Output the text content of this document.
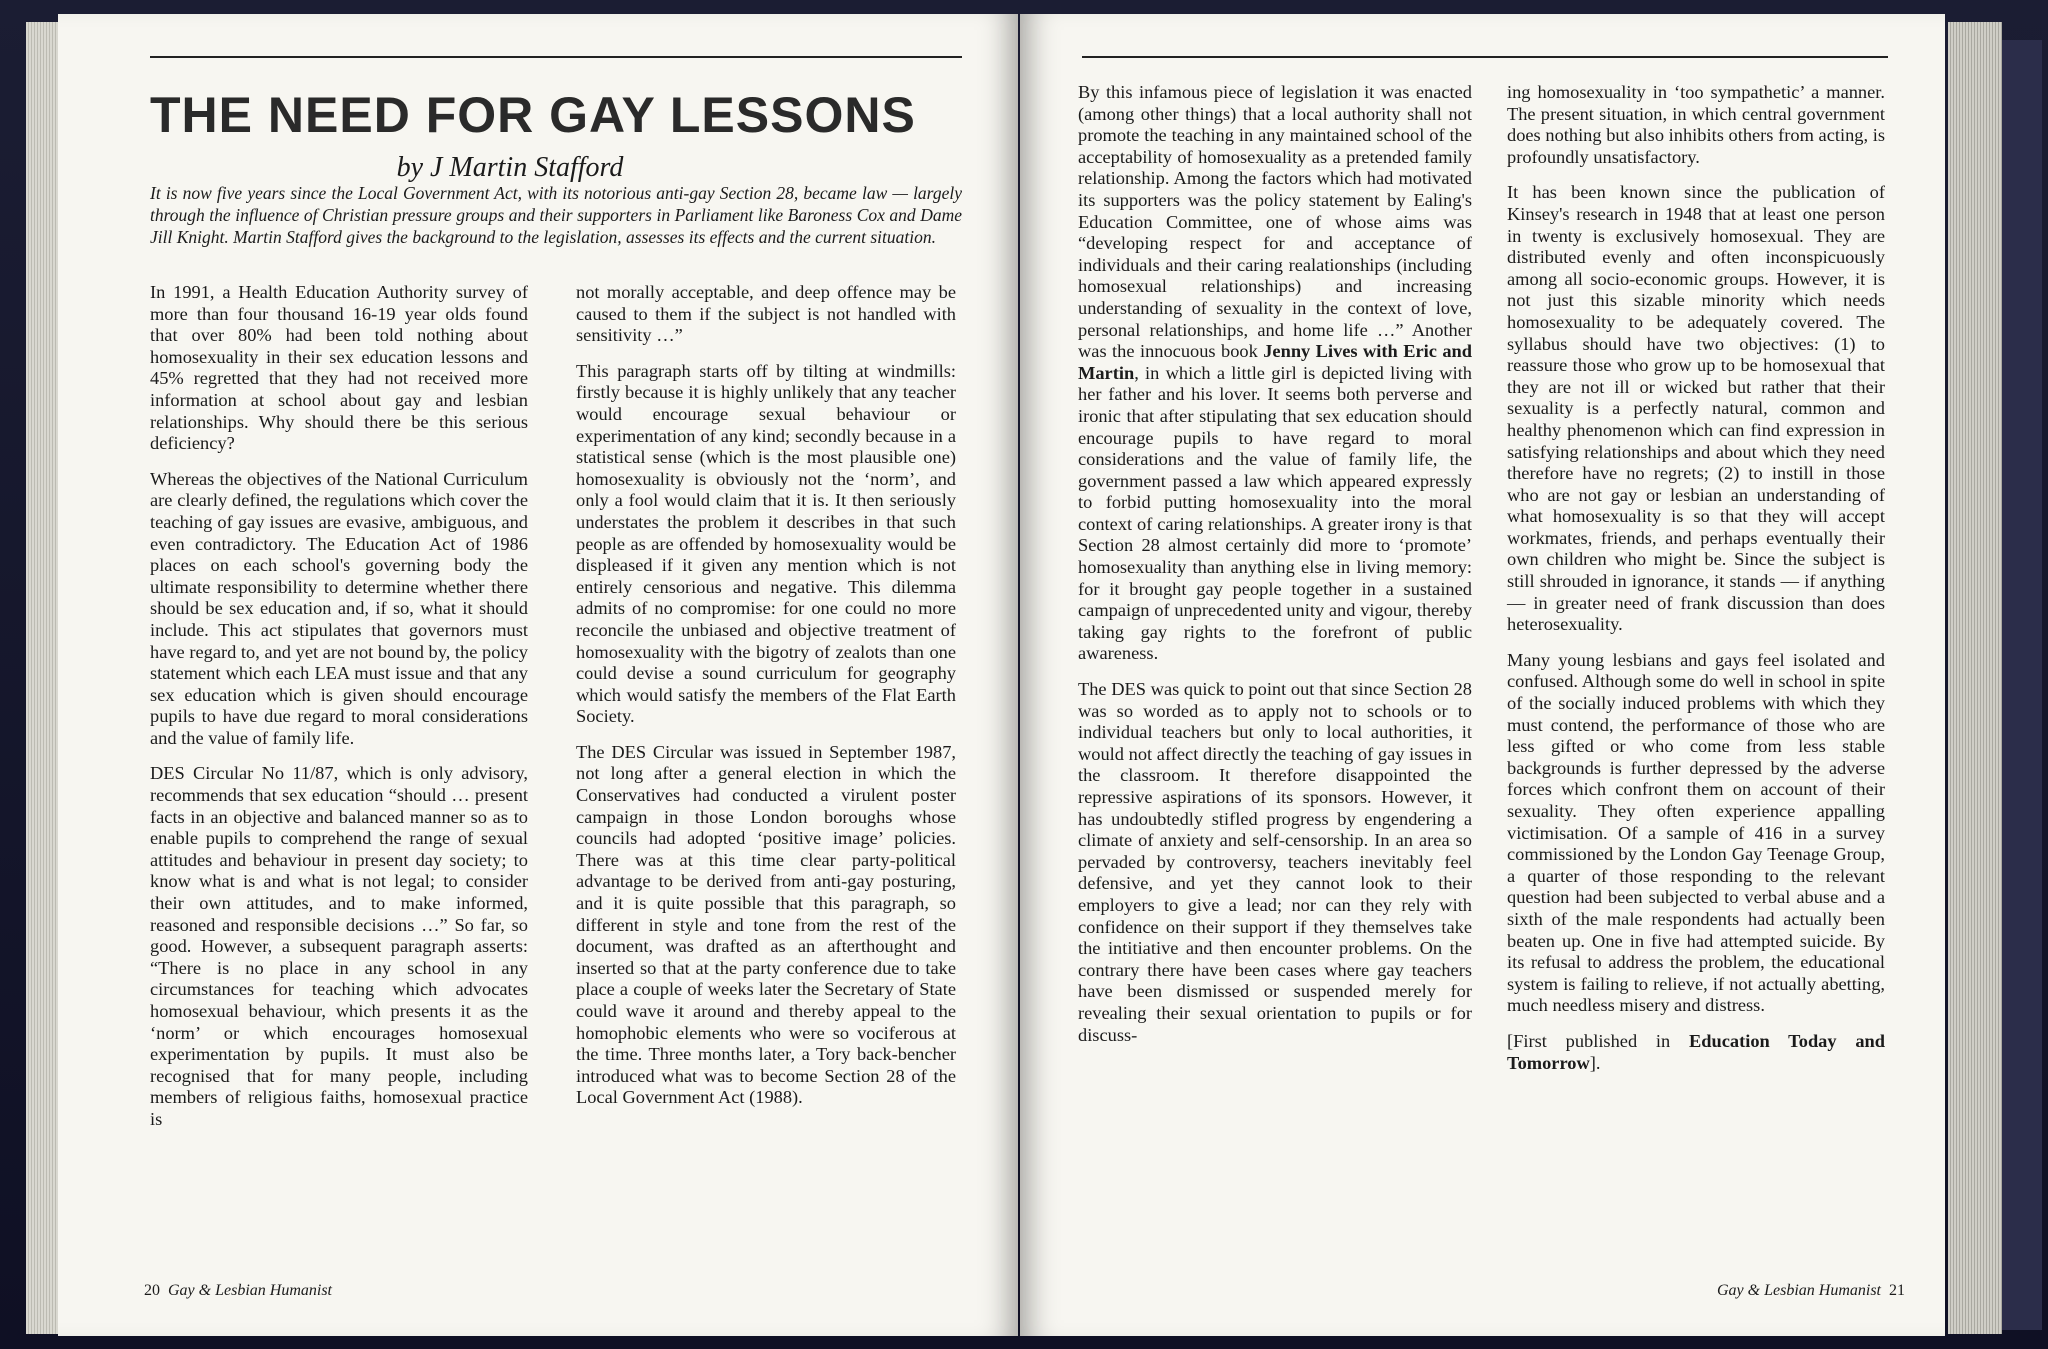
THE NEED FOR GAY LESSONS
by J Martin Stafford

It is now five years since the Local Government Act, with its notorious anti-gay Section 28, became law — largely through the influence of Christian pressure groups and their supporters in Parliament like Baroness Cox and Dame Jill Knight. Martin Stafford gives the background to the legislation, assesses its effects and the current situation.

In 1991, a Health Education Authority survey of more than four thousand 16-19 year olds found that over 80% had been told nothing about homosexuality in their sex education lessons and 45% regretted that they had not received more information at school about gay and lesbian relationships. Why should there be this serious deficiency?

Whereas the objectives of the National Curriculum are clearly defined, the regulations which cover the teaching of gay issues are evasive, ambiguous, and even contradictory. The Education Act of 1986 places on each school's governing body the ultimate responsibility to determine whether there should be sex education and, if so, what it should include. This act stipulates that governors must have regard to, and yet are not bound by, the policy statement which each LEA must issue and that any sex education which is given should encourage pupils to have due regard to moral considerations and the value of family life.

DES Circular No 11/87, which is only advisory, recommends that sex education “should … present facts in an objective and balanced manner so as to enable pupils to comprehend the range of sexual attitudes and behaviour in present day society; to know what is and what is not legal; to consider their own attitudes, and to make informed, reasoned and responsible decisions …” So far, so good. However, a subsequent paragraph asserts: “There is no place in any school in any circumstances for teaching which advocates homosexual behaviour, which presents it as the ‘norm’ or which encourages homosexual experimentation by pupils. It must also be recognised that for many people, including members of religious faiths, homosexual practice is

not morally acceptable, and deep offence may be caused to them if the subject is not handled with sensitivity …”

This paragraph starts off by tilting at windmills: firstly because it is highly unlikely that any teacher would encourage sexual behaviour or experimentation of any kind; secondly because in a statistical sense (which is the most plausible one) homosexuality is obviously not the ‘norm’, and only a fool would claim that it is. It then seriously understates the problem it describes in that such people as are offended by homosexuality would be displeased if it given any mention which is not entirely censorious and negative. This dilemma admits of no compromise: for one could no more reconcile the unbiased and objective treatment of homosexuality with the bigotry of zealots than one could devise a sound curriculum for geography which would satisfy the members of the Flat Earth Society.

The DES Circular was issued in September 1987, not long after a general election in which the Conservatives had conducted a virulent poster campaign in those London boroughs whose councils had adopted ‘positive image’ policies. There was at this time clear party-political advantage to be derived from anti-gay posturing, and it is quite possible that this paragraph, so different in style and tone from the rest of the document, was drafted as an afterthought and inserted so that at the party conference due to take place a couple of weeks later the Secretary of State could wave it around and thereby appeal to the homophobic elements who were so vociferous at the time. Three months later, a Tory back-bencher introduced what was to become Section 28 of the Local Government Act (1988).

20 Gay & Lesbian Humanist

By this infamous piece of legislation it was enacted (among other things) that a local authority shall not promote the teaching in any maintained school of the acceptability of homosexuality as a pretended family relationship. Among the factors which had motivated its supporters was the policy statement by Ealing's Education Committee, one of whose aims was “developing respect for and acceptance of individuals and their caring realationships (including homosexual relationships) and increasing understanding of sexuality in the context of love, personal relationships, and home life …” Another was the innocuous book Jenny Lives with Eric and Martin, in which a little girl is depicted living with her father and his lover. It seems both perverse and ironic that after stipulating that sex education should encourage pupils to have regard to moral considerations and the value of family life, the government passed a law which appeared expressly to forbid putting homosexuality into the moral context of caring relationships. A greater irony is that Section 28 almost certainly did more to ‘promote’ homosexuality than anything else in living memory: for it brought gay people together in a sustained campaign of unprecedented unity and vigour, thereby taking gay rights to the forefront of public awareness.

The DES was quick to point out that since Section 28 was so worded as to apply not to schools or to individual teachers but only to local authorities, it would not affect directly the teaching of gay issues in the classroom. It therefore disappointed the repressive aspirations of its sponsors. However, it has undoubtedly stifled progress by engendering a climate of anxiety and self-censorship. In an area so pervaded by controversy, teachers inevitably feel defensive, and yet they cannot look to their employers to give a lead; nor can they rely with confidence on their support if they themselves take the intitiative and then encounter problems. On the contrary there have been cases where gay teachers have been dismissed or suspended merely for revealing their sexual orientation to pupils or for discuss-

ing homosexuality in ‘too sympathetic’ a manner. The present situation, in which central government does nothing but also inhibits others from acting, is profoundly unsatisfactory.

It has been known since the publication of Kinsey's research in 1948 that at least one person in twenty is exclusively homosexual. They are distributed evenly and often inconspicuously among all socio-economic groups. However, it is not just this sizable minority which needs homosexuality to be adequately covered. The syllabus should have two objectives: (1) to reassure those who grow up to be homosexual that they are not ill or wicked but rather that their sexuality is a perfectly natural, common and healthy phenomenon which can find expression in satisfying relationships and about which they need therefore have no regrets; (2) to instill in those who are not gay or lesbian an understanding of what homosexuality is so that they will accept workmates, friends, and perhaps eventually their own children who might be. Since the subject is still shrouded in ignorance, it stands — if anything — in greater need of frank discussion than does heterosexuality.

Many young lesbians and gays feel isolated and confused. Although some do well in school in spite of the socially induced problems with which they must contend, the performance of those who are less gifted or who come from less stable backgrounds is further depressed by the adverse forces which confront them on account of their sexuality. They often experience appalling victimisation. Of a sample of 416 in a survey commissioned by the London Gay Teenage Group, a quarter of those responding to the relevant question had been subjected to verbal abuse and a sixth of the male respondents had actually been beaten up. One in five had attempted suicide. By its refusal to address the problem, the educational system is failing to relieve, if not actually abetting, much needless misery and distress.

[First published in Education Today and Tomorrow].

Gay & Lesbian Humanist 21
